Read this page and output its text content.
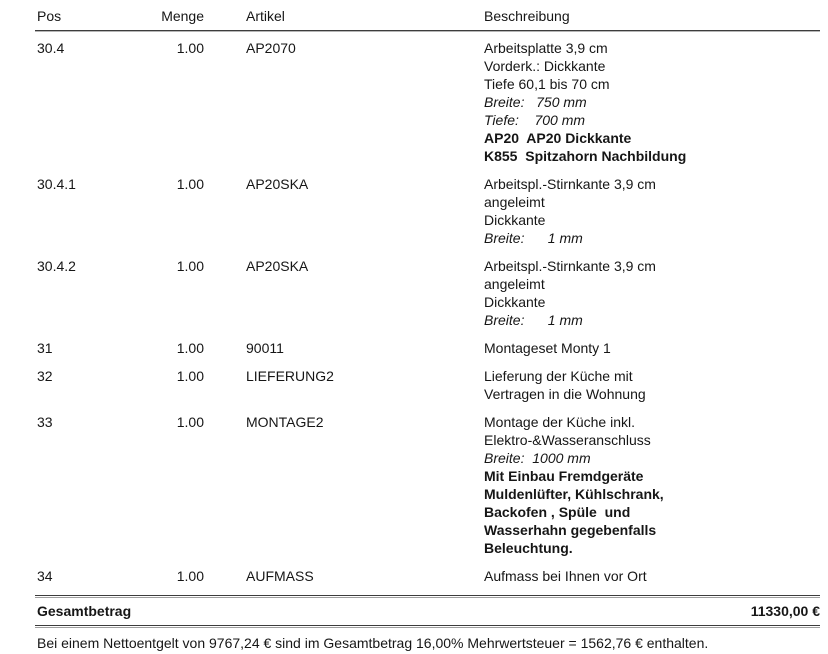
Pos	Menge	Artikel	Beschreibung
30.4	1.00	AP2070	Arbeitsplatte 3,9 cm
Vorderk.: Dickkante
Tiefe 60,1 bis 70 cm
Breite:   750 mm
Tiefe:    700 mm
AP20  AP20 Dickkante
K855  Spitzahorn Nachbildung
30.4.1	1.00	AP20SKA	Arbeitspl.-Stirnkante 3,9 cm
angeleimt
Dickkante
Breite:      1 mm
30.4.2	1.00	AP20SKA	Arbeitspl.-Stirnkante 3,9 cm
angeleimt
Dickkante
Breite:      1 mm
31	1.00	90011	Montageset Monty 1
32	1.00	LIEFERUNG2	Lieferung der Küche mit
Vertragen in die Wohnung
33	1.00	MONTAGE2	Montage der Küche inkl.
Elektro-&Wasseranschluss
Breite:  1000 mm
Mit Einbau Fremdgeräte
Muldenlüfter, Kühlschrank,
Backofen , Spüle  und
Wasserhahn gegebenfalls
Beleuchtung.
34	1.00	AUFMASS	Aufmass bei Ihnen vor Ort
Gesamtbetrag	11330,00 €
Bei einem Nettoentgelt von 9767,24 € sind im Gesamtbetrag 16,00% Mehrwertsteuer = 1562,76 € enthalten.
